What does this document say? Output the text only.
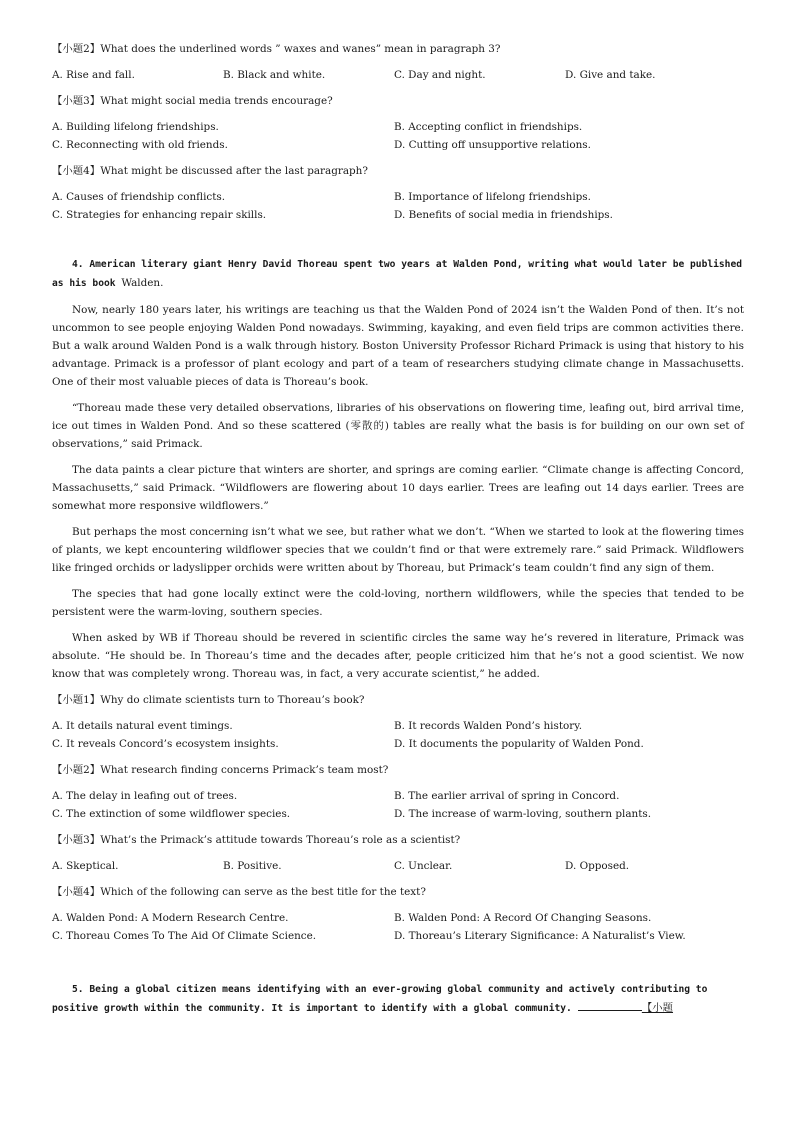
【小题2】What does the underlined words ” waxes and wanes” mean in paragraph 3?

A. Rise and fall.	B. Black and white.	C. Day and night.	D. Give and take.

【小题3】What might social media trends encourage?

A. Building lifelong friendships.	B. Accepting conflict in friendships.
C. Reconnecting with old friends.	D. Cutting off unsupportive relations.

【小题4】What might be discussed after the last paragraph?

A. Causes of friendship conflicts.	B. Importance of lifelong friendships.
C. Strategies for enhancing repair skills.	D. Benefits of social media in friendships.

4. American literary giant Henry David Thoreau spent two years at Walden Pond, writing what would later be published as his book Walden.

Now, nearly 180 years later, his writings are teaching us that the Walden Pond of 2024 isn’t the Walden Pond of then. It’s not uncommon to see people enjoying Walden Pond nowadays. Swimming, kayaking, and even field trips are common activities there. But a walk around Walden Pond is a walk through history. Boston University Professor Richard Primack is using that history to his advantage. Primack is a professor of plant ecology and part of a team of researchers studying climate change in Massachusetts. One of their most valuable pieces of data is Thoreau’s book.

“Thoreau made these very detailed observations, libraries of his observations on flowering time, leafing out, bird arrival time, ice out times in Walden Pond. And so these scattered (零散的) tables are really what the basis is for building on our own set of observations,” said Primack.

The data paints a clear picture that winters are shorter, and springs are coming earlier. “Climate change is affecting Concord, Massachusetts,” said Primack. “Wildflowers are flowering about 10 days earlier. Trees are leafing out 14 days earlier. Trees are somewhat more responsive wildflowers.”

But perhaps the most concerning isn’t what we see, but rather what we don’t. “When we started to look at the flowering times of plants, we kept encountering wildflower species that we couldn’t find or that were extremely rare.” said Primack. Wildflowers like fringed orchids or ladyslipper orchids were written about by Thoreau, but Primack’s team couldn’t find any sign of them.

The species that had gone locally extinct were the cold-loving, northern wildflowers, while the species that tended to be persistent were the warm-loving, southern species.

When asked by WB if Thoreau should be revered in scientific circles the same way he’s revered in literature, Primack was absolute. “He should be. In Thoreau’s time and the decades after, people criticized him that he’s not a good scientist. We now know that was completely wrong. Thoreau was, in fact, a very accurate scientist,” he added.

【小题1】Why do climate scientists turn to Thoreau’s book?

A. It details natural event timings.	B. It records Walden Pond’s history.
C. It reveals Concord’s ecosystem insights.	D. It documents the popularity of Walden Pond.

【小题2】What research finding concerns Primack’s team most?

A. The delay in leafing out of trees.	B. The earlier arrival of spring in Concord.
C. The extinction of some wildflower species.	D. The increase of warm-loving, southern plants.

【小题3】What’s the Primack’s attitude towards Thoreau’s role as a scientist?

A. Skeptical.	B. Positive.	C. Unclear.	D. Opposed.

【小题4】Which of the following can serve as the best title for the text?

A. Walden Pond: A Modern Research Centre.	B. Walden Pond: A Record Of Changing Seasons.
C. Thoreau Comes To The Aid Of Climate Science.	D. Thoreau’s Literary Significance: A Naturalist’s View.

5. Being a global citizen means identifying with an ever-growing global community and actively contributing to positive growth within the community. It is important to identify with a global community.	【小题
